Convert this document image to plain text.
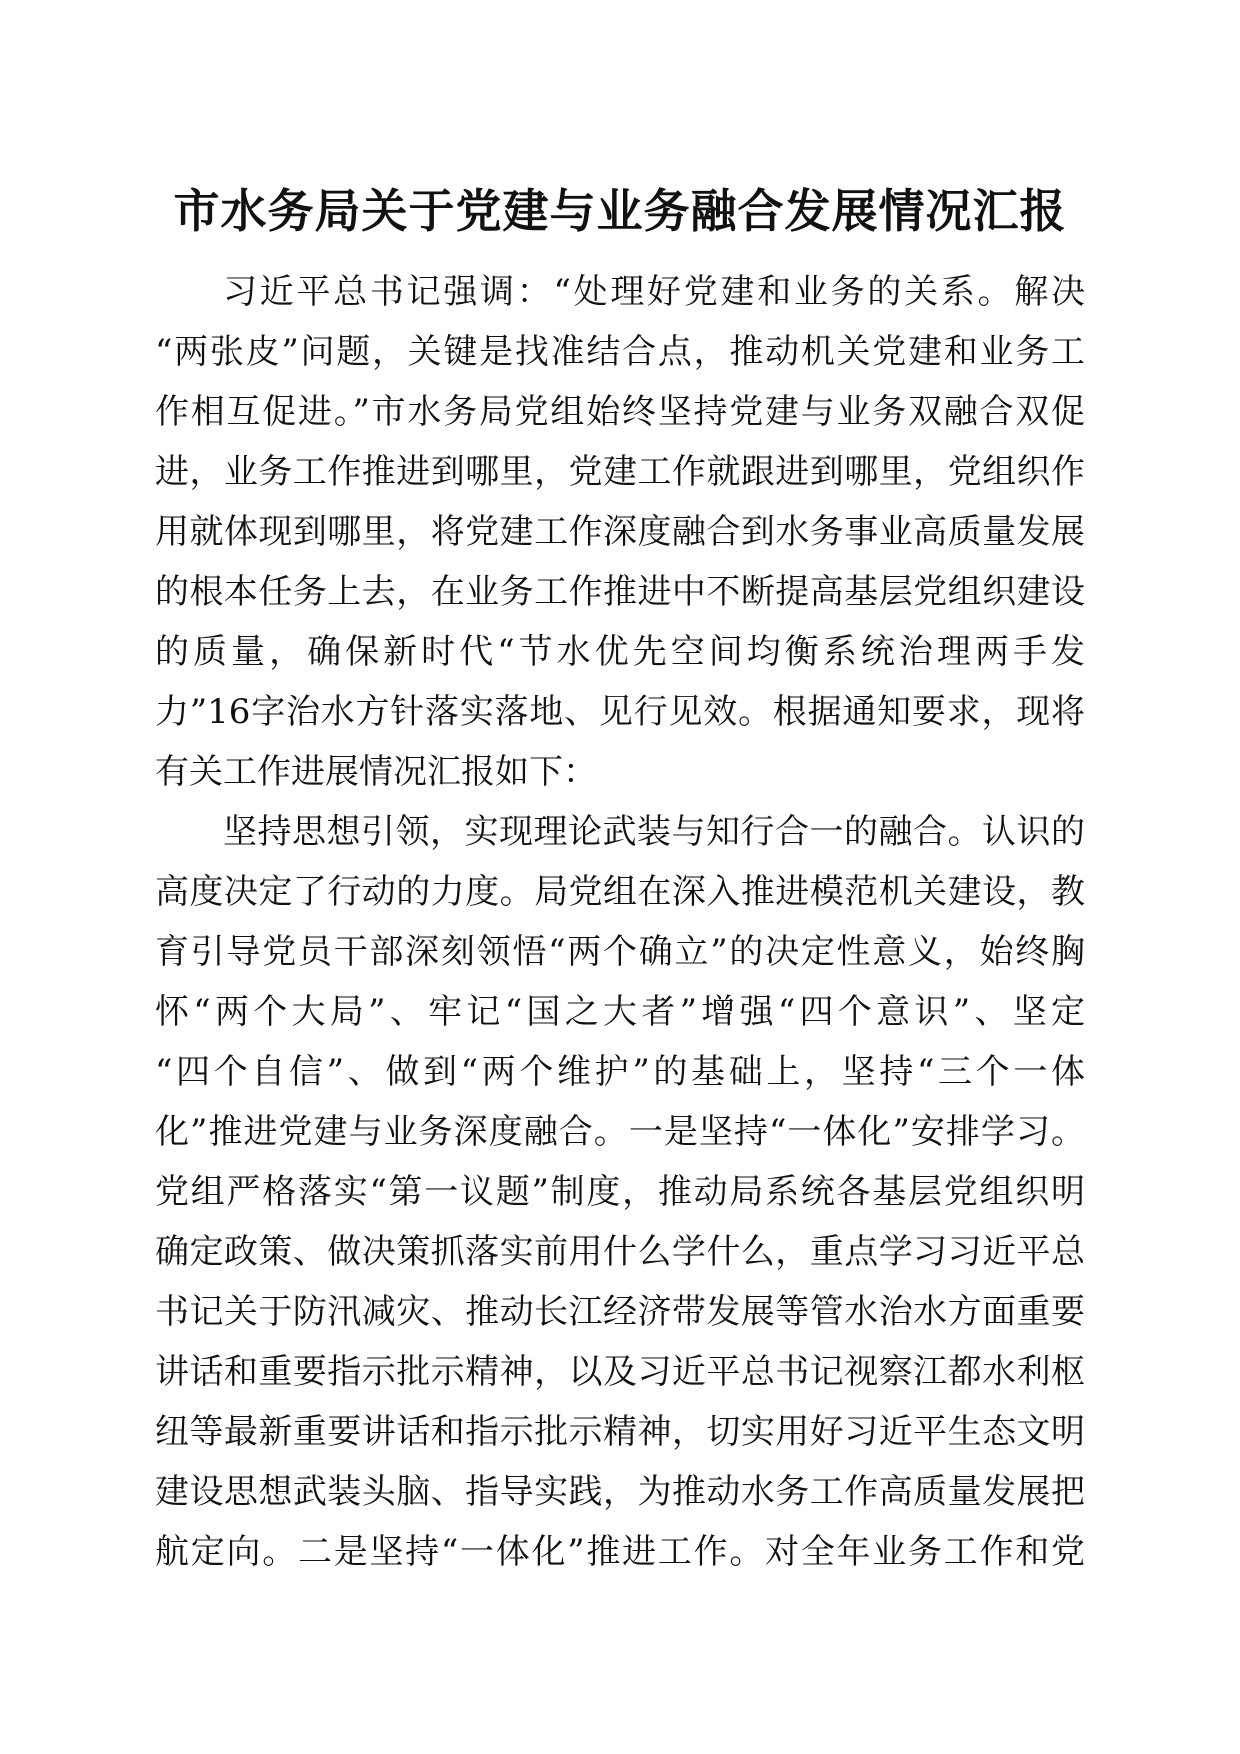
市水务局关于党建与业务融合发展情况汇报
习近平总书记强调：“处理好党建和业务的关系。解决
“两张皮”问题，关键是找准结合点，推动机关党建和业务工
作相互促进。”市水务局党组始终坚持党建与业务双融合双促
进，业务工作推进到哪里，党建工作就跟进到哪里，党组织作
用就体现到哪里，将党建工作深度融合到水务事业高质量发展
的根本任务上去，在业务工作推进中不断提高基层党组织建设
的质量，确保新时代“节水优先空间均衡系统治理两手发
力”16字治水方针落实落地、见行见效。根据通知要求，现将
有关工作进展情况汇报如下：
坚持思想引领，实现理论武装与知行合一的融合。认识的
高度决定了行动的力度。局党组在深入推进模范机关建设，教
育引导党员干部深刻领悟“两个确立”的决定性意义，始终胸
怀“两个大局”、牢记“国之大者”增强“四个意识”、坚定
“四个自信”、做到“两个维护”的基础上，坚持“三个一体
化”推进党建与业务深度融合。一是坚持“一体化”安排学习。
党组严格落实“第一议题”制度，推动局系统各基层党组织明
确定政策、做决策抓落实前用什么学什么，重点学习习近平总
书记关于防汛减灾、推动长江经济带发展等管水治水方面重要
讲话和重要指示批示精神，以及习近平总书记视察江都水利枢
纽等最新重要讲话和指示批示精神，切实用好习近平生态文明
建设思想武装头脑、指导实践，为推动水务工作高质量发展把
航定向。二是坚持“一体化”推进工作。对全年业务工作和党
